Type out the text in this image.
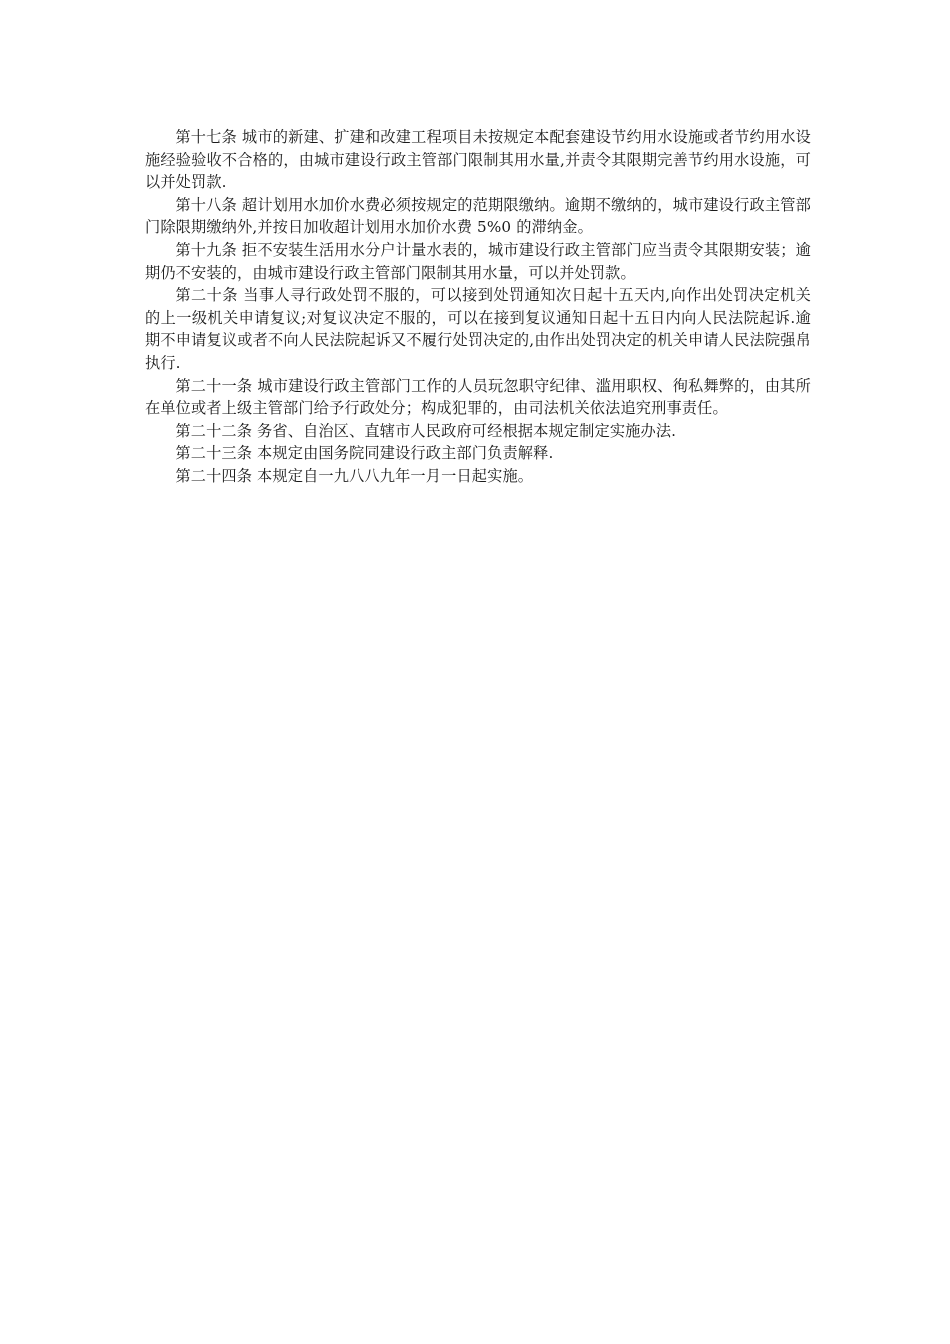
第十七条 城市的新建、扩建和改建工程项目未按规定本配套建设节约用水设施或者节约用水设施经验验收不合格的，由城市建设行政主管部门限制其用水量,并责令其限期完善节约用水设施，可以并处罚款.

第十八条 超计划用水加价水费必须按规定的范期限缴纳。逾期不缴纳的，城市建设行政主管部门除限期缴纳外,并按日加收超计划用水加价水费 5%0 的滞纳金。

第十九条 拒不安装生活用水分户计量水表的，城市建设行政主管部门应当责令其限期安装；逾期仍不安装的，由城市建设行政主管部门限制其用水量，可以并处罚款。

第二十条 当事人寻行政处罚不服的，可以接到处罚通知次日起十五天内,向作出处罚决定机关的上一级机关申请复议;对复议决定不服的，可以在接到复议通知日起十五日内向人民法院起诉.逾期不申请复议或者不向人民法院起诉又不履行处罚决定的,由作出处罚决定的机关申请人民法院强帛执行.

第二十一条 城市建设行政主管部门工作的人员玩忽职守纪律、滥用职权、徇私舞弊的，由其所在单位或者上级主管部门给予行政处分；构成犯罪的，由司法机关依法追究刑事责任。

第二十二条 务省、自治区、直辖市人民政府可经根据本规定制定实施办法.

第二十三条 本规定由国务院同建设行政主部门负责解释.

第二十四条 本规定自一九八八九年一月一日起实施。
